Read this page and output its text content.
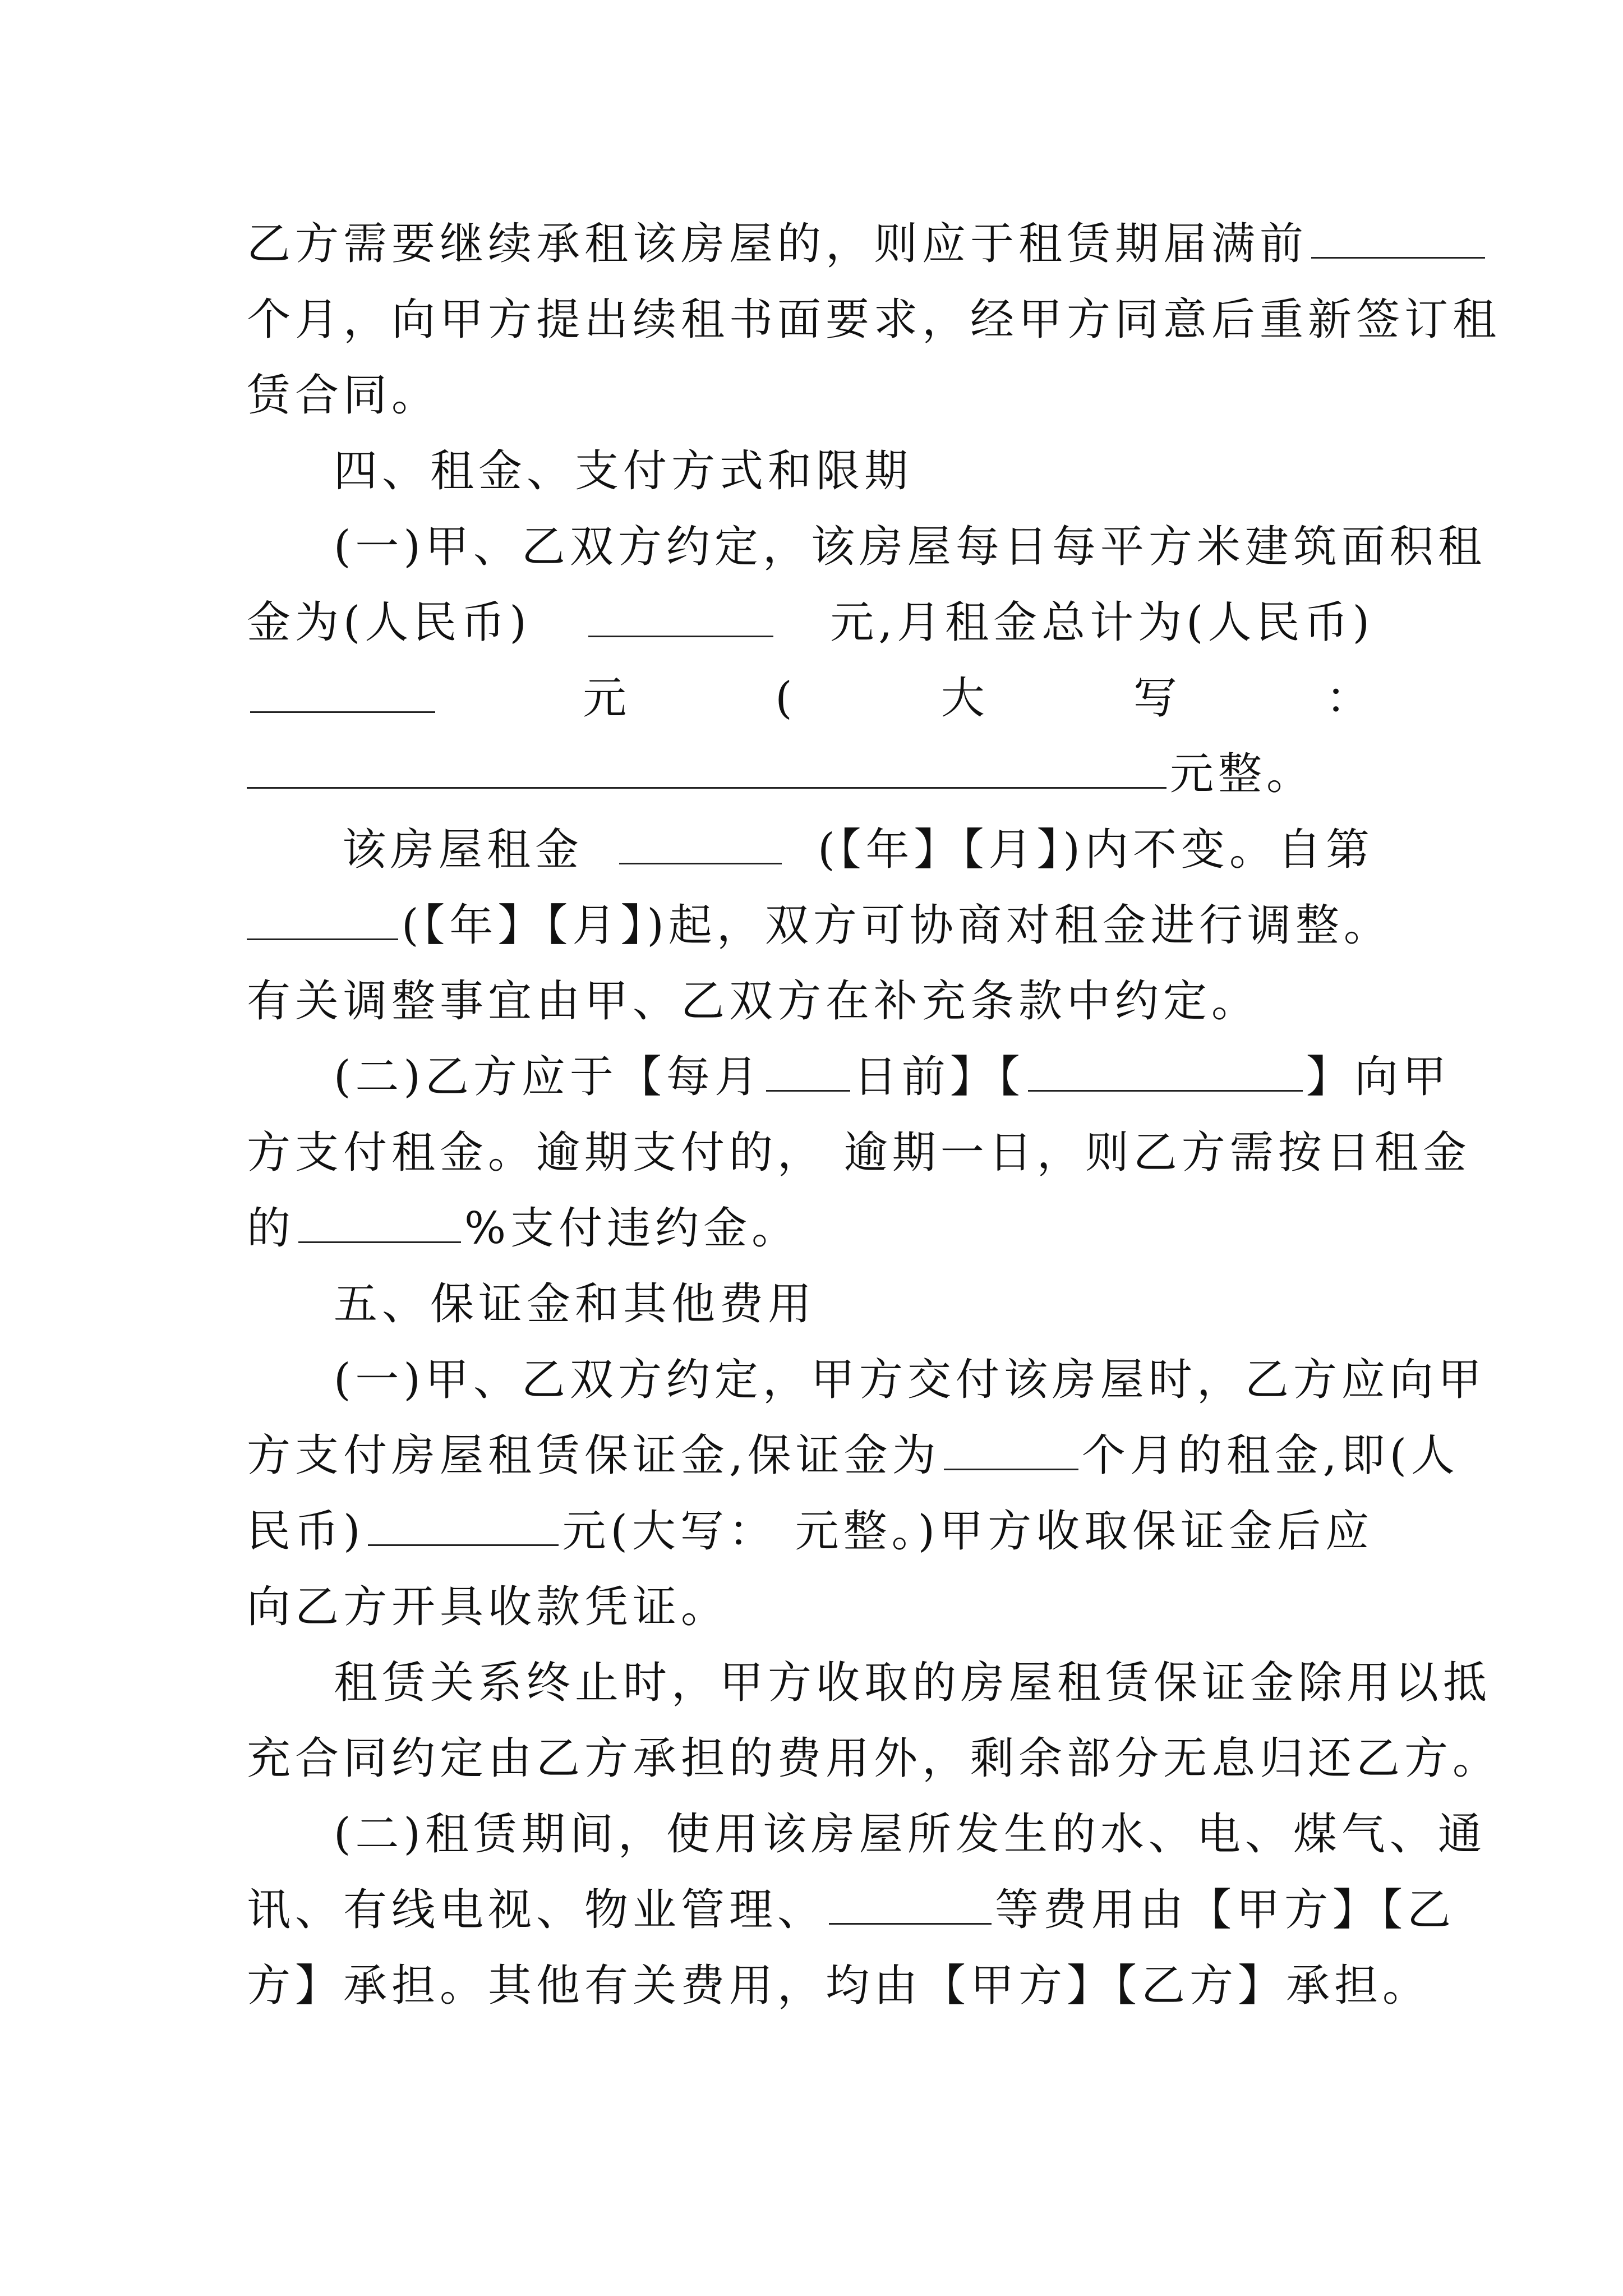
乙方需要继续承租该房屋的，则应于租赁期届满前
个月，向甲方提出续租书面要求，经甲方同意后重新签订租
赁合同。
四、租金、支付方式和限期
(一)甲、乙双方约定，该房屋每日每平方米建筑面积租
金为(人民币)	元,月租金总计为(人民币)
元	(	大	写	：
元整。
该房屋租金	(【年】【月】)内不变。自第
(【年】【月】)起，双方可协商对租金进行调整。
有关调整事宜由甲、乙双方在补充条款中约定。
(二)乙方应于【每月 日前】【	】向甲
方支付租金。逾期支付的， 逾期一日，则乙方需按日租金
的	%支付违约金。
五、保证金和其他费用
(一)甲、乙双方约定，甲方交付该房屋时，乙方应向甲
方支付房屋租赁保证金,保证金为	个月的租金,即(人
民币)	元(大写： 元整。)甲方收取保证金后应
向乙方开具收款凭证。
租赁关系终止时，甲方收取的房屋租赁保证金除用以抵
充合同约定由乙方承担的费用外，剩余部分无息归还乙方。
(二)租赁期间，使用该房屋所发生的水、电、煤气、通
讯、有线电视、物业管理、	等费用由【甲方】【乙
方】承担。其他有关费用，均由【甲方】【乙方】承担。
